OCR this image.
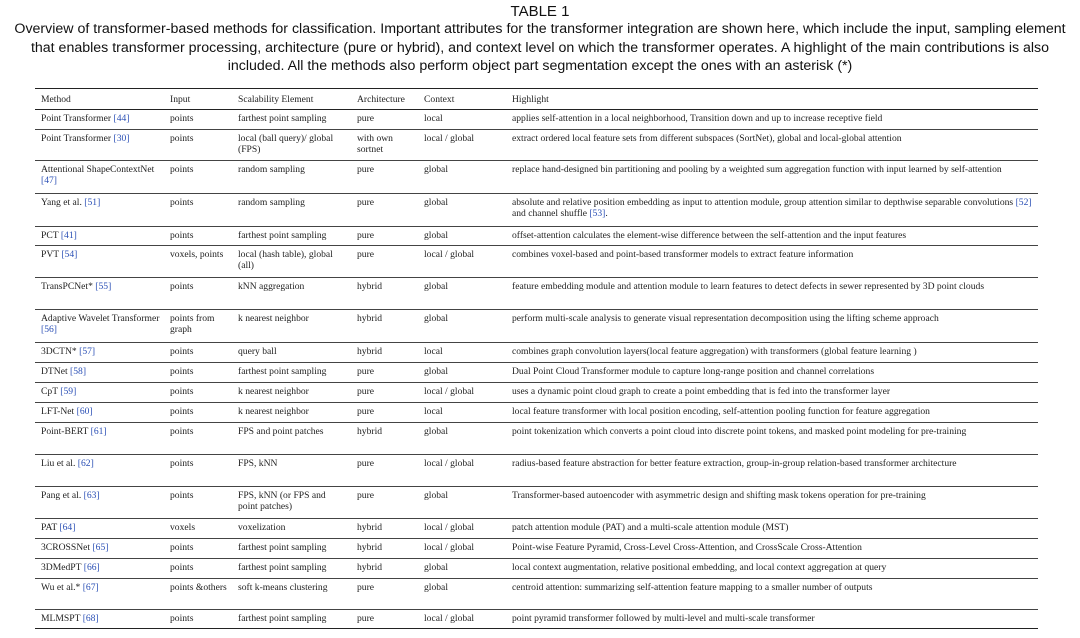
TABLE 1
Overview of transformer-based methods for classification. Important attributes for the transformer integration are shown here, which include the input, sampling element that enables transformer processing, architecture (pure or hybrid), and context level on which the transformer operates. A highlight of the main contributions is also included. All the methods also perform object part segmentation except the ones with an asterisk (*)
Method	Input	Scalability Element	Architecture	Context	Highlight
Point Transformer [44]	points	farthest point sampling	pure	local	applies self-attention in a local neighborhood, Transition down and up to increase receptive field
Point Transformer [30]	points	local (ball query)/ global (FPS)	with own sortnet	local / global	extract ordered local feature sets from different subspaces (SortNet), global and local-global attention
Attentional ShapeContextNet [47]	points	random sampling	pure	global	replace hand-designed bin partitioning and pooling by a weighted sum aggregation function with input learned by self-attention
Yang et al. [51]	points	random sampling	pure	global	absolute and relative position embedding as input to attention module, group attention similar to depthwise separable convolutions [52] and channel shuffle [53].
PCT [41]	points	farthest point sampling	pure	global	offset-attention calculates the element-wise difference between the self-attention and the input features
PVT [54]	voxels, points	local (hash table), global (all)	pure	local / global	combines voxel-based and point-based transformer models to extract feature information
TransPCNet* [55]	points	kNN aggregation	hybrid	global	feature embedding module and attention module to learn features to detect defects in sewer represented by 3D point clouds
Adaptive Wavelet Transformer [56]	points from graph	k nearest neighbor	hybrid	global	perform multi-scale analysis to generate visual representation decomposition using the lifting scheme approach
3DCTN* [57]	points	query ball	hybrid	local	combines graph convolution layers(local feature aggregation) with transformers (global feature learning )
DTNet [58]	points	farthest point sampling	pure	global	Dual Point Cloud Transformer module to capture long-range position and channel correlations
CpT [59]	points	k nearest neighbor	pure	local / global	uses a dynamic point cloud graph to create a point embedding that is fed into the transformer layer
LFT-Net [60]	points	k nearest neighbor	pure	local	local feature transformer with local position encoding, self-attention pooling function for feature aggregation
Point-BERT [61]	points	FPS and point patches	hybrid	global	point tokenization which converts a point cloud into discrete point tokens, and masked point modeling for pre-training
Liu et al. [62]	points	FPS, kNN	pure	local / global	radius-based feature abstraction for better feature extraction, group-in-group relation-based transformer architecture
Pang et al. [63]	points	FPS, kNN (or FPS and point patches)	pure	global	Transformer-based autoencoder with asymmetric design and shifting mask tokens operation for pre-training
PAT [64]	voxels	voxelization	hybrid	local / global	patch attention module (PAT) and a multi-scale attention module (MST)
3CROSSNet [65]	points	farthest point sampling	hybrid	local / global	Point-wise Feature Pyramid, Cross-Level Cross-Attention, and CrossScale Cross-Attention
3DMedPT [66]	points	farthest point sampling	hybrid	global	local context augmentation, relative positional embedding, and local context aggregation at query
Wu et al.* [67]	points &others	soft k-means clustering	pure	global	centroid attention: summarizing self-attention feature mapping to a smaller number of outputs
MLMSPT [68]	points	farthest point sampling	pure	local / global	point pyramid transformer followed by multi-level and multi-scale transformer
